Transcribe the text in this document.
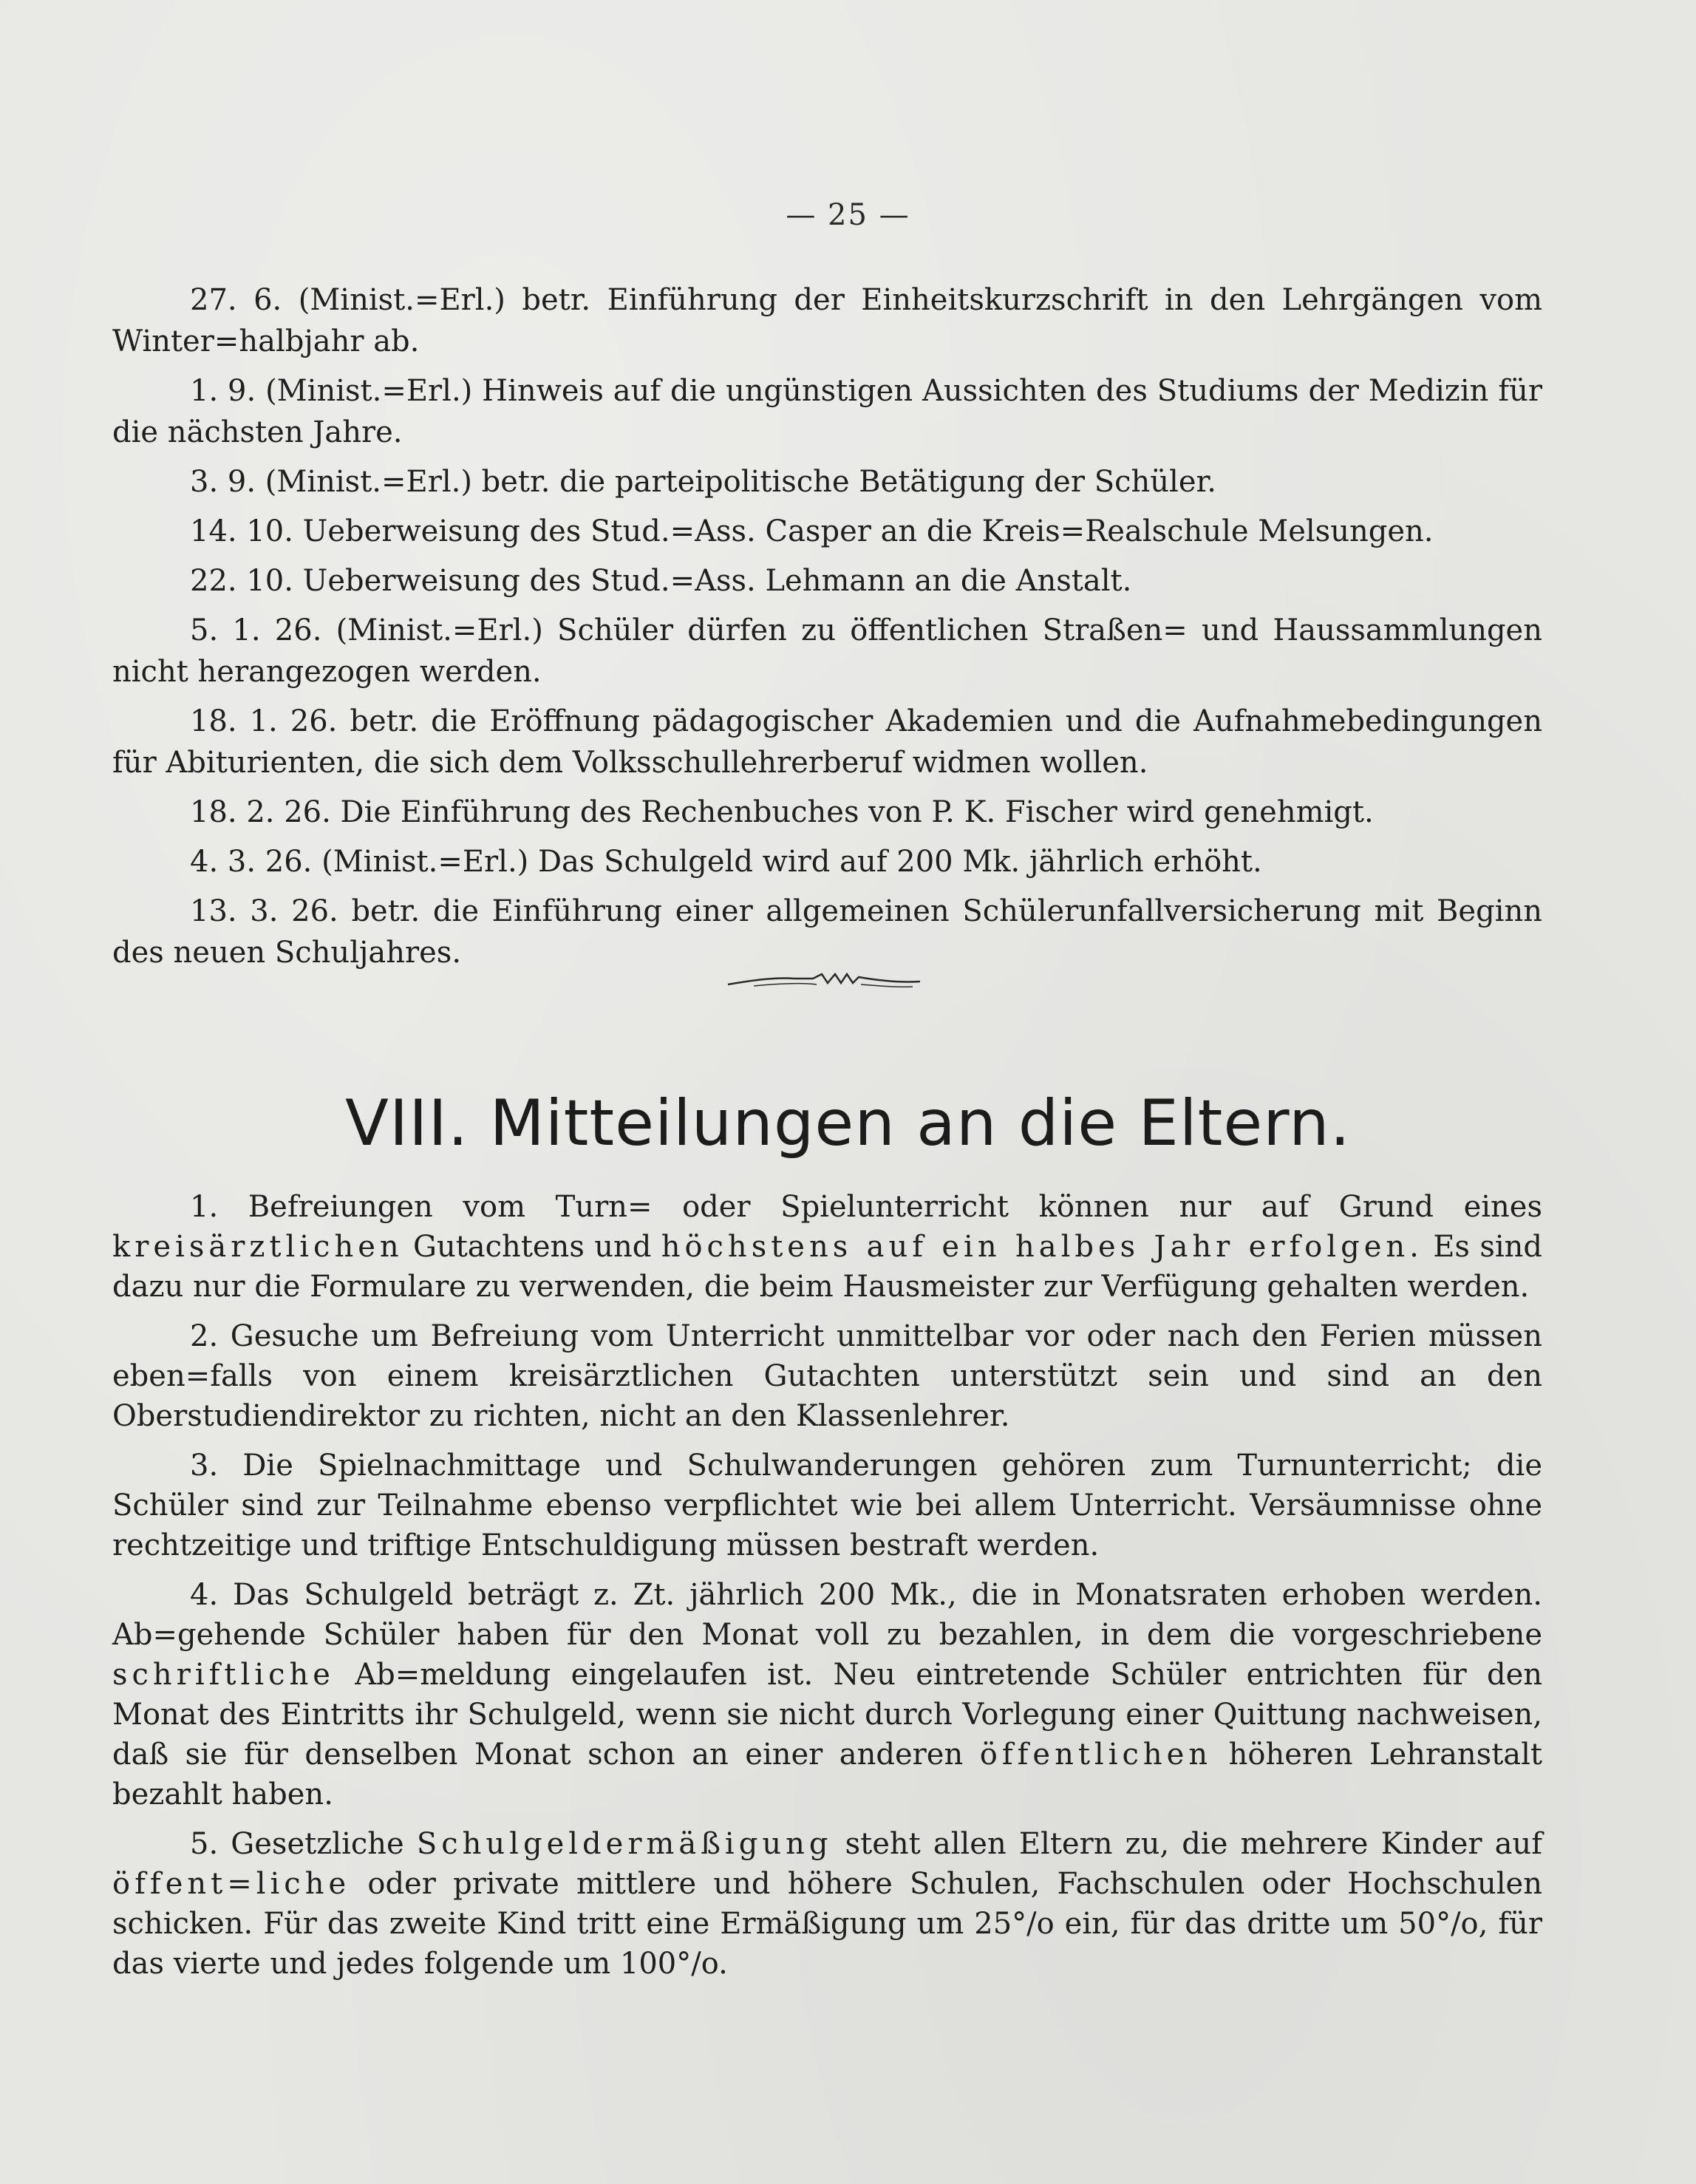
— 25 —

27. 6. (Minist.=Erl.) betr. Einführung der Einheitskurzschrift in den Lehrgängen vom Winter=halbjahr ab.

1. 9. (Minist.=Erl.) Hinweis auf die ungünstigen Aussichten des Studiums der Medizin für die nächsten Jahre.

3. 9. (Minist.=Erl.) betr. die parteipolitische Betätigung der Schüler.

14. 10. Ueberweisung des Stud.=Ass. Casper an die Kreis=Realschule Melsungen.

22. 10. Ueberweisung des Stud.=Ass. Lehmann an die Anstalt.

5. 1. 26. (Minist.=Erl.) Schüler dürfen zu öffentlichen Straßen= und Haussammlungen nicht herangezogen werden.

18. 1. 26. betr. die Eröffnung pädagogischer Akademien und die Aufnahmebedingungen für Abiturienten, die sich dem Volksschullehrerberuf widmen wollen.

18. 2. 26. Die Einführung des Rechenbuches von P. K. Fischer wird genehmigt.

4. 3. 26. (Minist.=Erl.) Das Schulgeld wird auf 200 Mk. jährlich erhöht.

13. 3. 26. betr. die Einführung einer allgemeinen Schülerunfallversicherung mit Beginn des neuen Schuljahres.

VIII. Mitteilungen an die Eltern.

1. Befreiungen vom Turn= oder Spielunterricht können nur auf Grund eines kreisärztlichen Gutachtens und höchstens auf ein halbes Jahr erfolgen. Es sind dazu nur die Formulare zu verwenden, die beim Hausmeister zur Verfügung gehalten werden.

2. Gesuche um Befreiung vom Unterricht unmittelbar vor oder nach den Ferien müssen eben=falls von einem kreisärztlichen Gutachten unterstützt sein und sind an den Oberstudiendirektor zu richten, nicht an den Klassenlehrer.

3. Die Spielnachmittage und Schulwanderungen gehören zum Turnunterricht; die Schüler sind zur Teilnahme ebenso verpflichtet wie bei allem Unterricht. Versäumnisse ohne rechtzeitige und triftige Entschuldigung müssen bestraft werden.

4. Das Schulgeld beträgt z. Zt. jährlich 200 Mk., die in Monatsraten erhoben werden. Ab=gehende Schüler haben für den Monat voll zu bezahlen, in dem die vorgeschriebene schriftliche Ab=meldung eingelaufen ist. Neu eintretende Schüler entrichten für den Monat des Eintritts ihr Schulgeld, wenn sie nicht durch Vorlegung einer Quittung nachweisen, daß sie für denselben Monat schon an einer anderen öffentlichen höheren Lehranstalt bezahlt haben.

5. Gesetzliche Schulgeldermäßigung steht allen Eltern zu, die mehrere Kinder auf öffent=liche oder private mittlere und höhere Schulen, Fachschulen oder Hochschulen schicken. Für das zweite Kind tritt eine Ermäßigung um 25°/o ein, für das dritte um 50°/o, für das vierte und jedes folgende um 100°/o.
